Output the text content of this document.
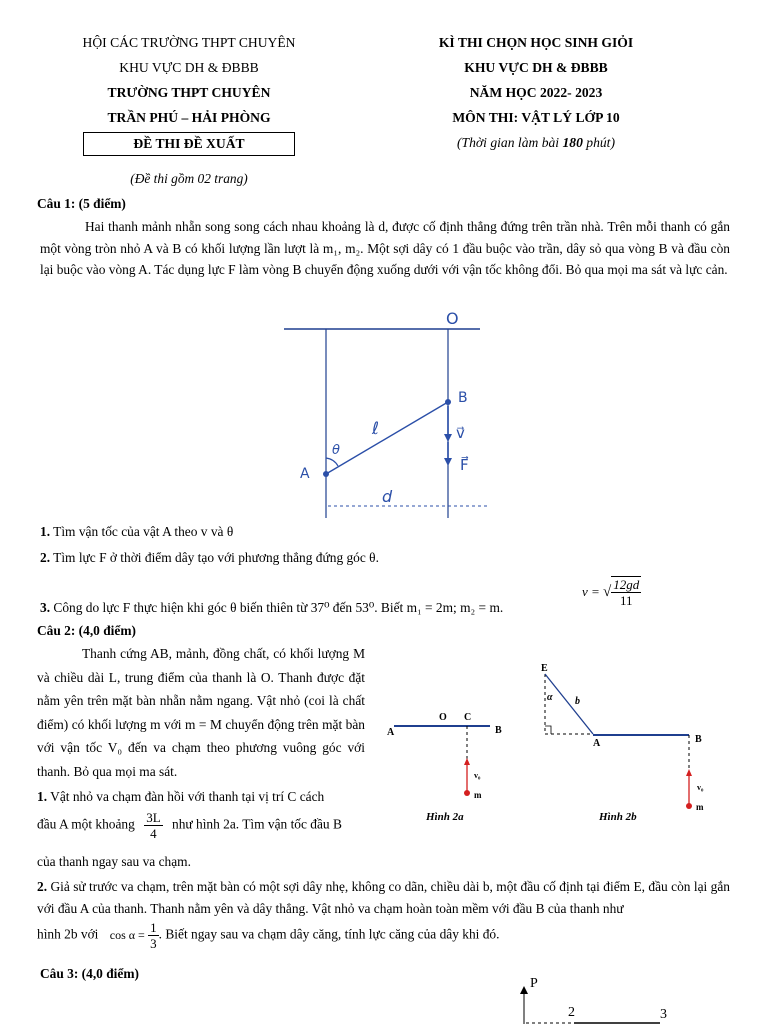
HỘI CÁC TRƯỜNG THPT CHUYÊN
KHU VỰC DH & ĐBBB
TRƯỜNG THPT CHUYÊN
TRẦN PHÚ – HẢI PHÒNG
ĐỀ THI ĐỀ XUẤT
KÌ THI CHỌN HỌC SINH GIỎI
KHU VỰC DH & ĐBBB
NĂM HỌC 2022- 2023
MÔN THI: VẬT LÝ LỚP 10
(Thời gian làm bài 180 phút)
(Đề thi gồm 02 trang)
Câu 1: (5 điểm)
Hai thanh mảnh nhẵn song song cách nhau khoảng là d, được cố định thẳng đứng trên trần nhà. Trên mỗi thanh có gắn một vòng tròn nhỏ A và B có khối lượng lần lượt là m₁, m₂. Một sợi dây có 1 đầu buộc vào trần, dây sỏ qua vòng B và đầu còn lại buộc vào vòng A. Tác dụng lực F làm vòng B chuyển động xuống dưới với vận tốc không đổi. Bỏ qua mọi ma sát và lực cản.
O
B
A
ℓ
θ
v⃗
F⃗
d
1. Tìm vận tốc của vật A theo v và θ
2. Tìm lực F ở thời điểm dây tạo với phương thẳng đứng góc θ.
3. Công do lực F thực hiện khi góc θ biến thiên từ 37⁰ đến 53⁰. Biết m₁ = 2m; m₂ = m.
v = √ $\frac{12gd}{11}$
Câu 2: (4,0 điểm)
Thanh cứng AB, mảnh, đồng chất, có khối lượng M và chiều dài L, trung điểm của thanh là O. Thanh được đặt nằm yên trên mặt bàn nhẵn nằm ngang. Vật nhỏ (coi là chất điểm) có khối lượng m với m = M chuyển động trên mặt bàn với vận tốc V₀ đến va chạm theo phương vuông góc với thanh. Bỏ qua mọi ma sát.
1. Vật nhỏ va chạm đàn hồi với thanh tại vị trí C cách
đầu A một khoảng $\frac{3L}{4}$ như hình 2a. Tìm vận tốc đầu B
của thanh ngay sau va chạm.
2. Giả sử trước va chạm, trên mặt bàn có một sợi dây nhẹ, không co dãn, chiều dài b, một đầu cố định tại điểm E, đầu còn lại gắn với đầu A của thanh. Thanh nằm yên và dây thẳng. Vật nhỏ va chạm hoàn toàn mềm với đầu B của thanh như
hình 2b với $\cos \alpha = \frac{1}{3}$ . Biết ngay sau va chạm dây căng, tính lực căng của dây khi đó.
A
O C
B
v₀
m
Hình 2a
E
α b
A	B
v₀
m
Hình 2b
Câu 3: (4,0 điểm)
P
2	3
